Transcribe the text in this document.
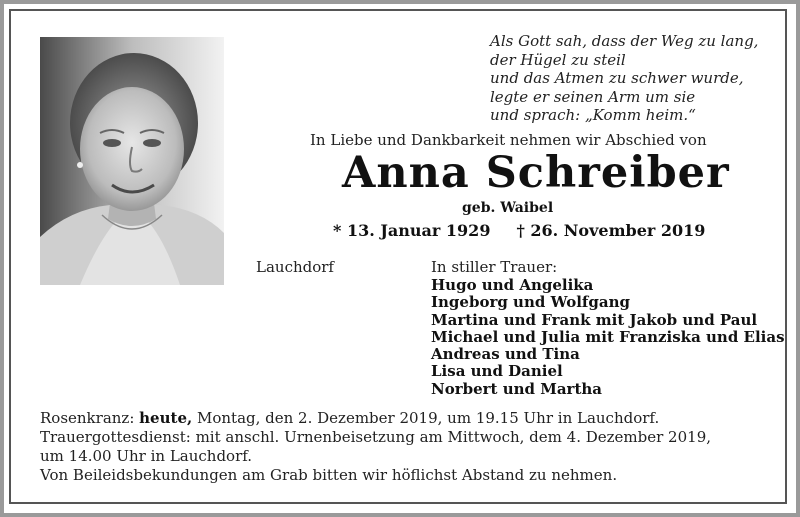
Als Gott sah, dass der Weg zu lang,
der Hügel zu steil
und das Atmen zu schwer wurde,
legte er seinen Arm um sie
und sprach: „Komm heim.“
In Liebe und Dankbarkeit nehmen wir Abschied von
Anna Schreiber
geb. Waibel
* 13. Januar 1929 † 26. November 2019
Lauchdorf	In stiller Trauer:
Hugo und Angelika
Ingeborg und Wolfgang
Martina und Frank mit Jakob und Paul
Michael und Julia mit Franziska und Elias
Andreas und Tina
Lisa und Daniel
Norbert und Martha
Rosenkranz: heute, Montag, den 2. Dezember 2019, um 19.15 Uhr in Lauchdorf.
Trauergottesdienst: mit anschl. Urnenbeisetzung am Mittwoch, dem 4. Dezember 2019,
um 14.00 Uhr in Lauchdorf.
Von Beileidsbekundungen am Grab bitten wir höflichst Abstand zu nehmen.
